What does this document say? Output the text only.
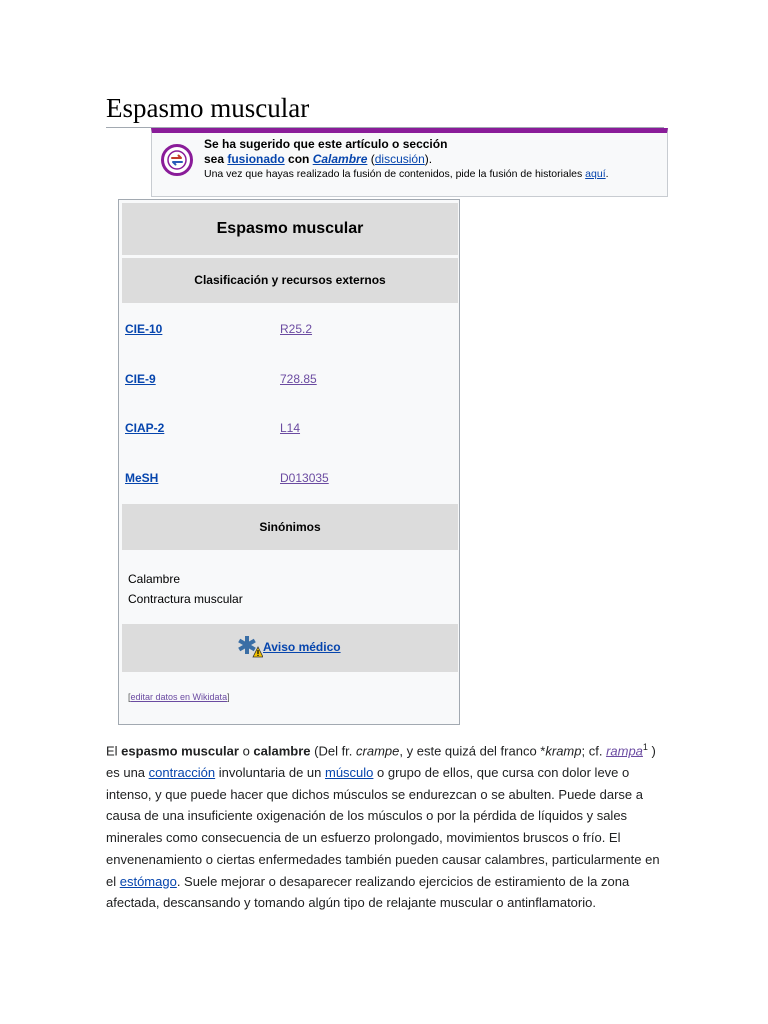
Espasmo muscular
Se ha sugerido que este artículo o sección
sea fusionado con Calambre (discusión).
Una vez que hayas realizado la fusión de contenidos, pide la fusión de historiales aquí.
Espasmo muscular
Clasificación y recursos externos
CIE-10	R25.2
CIE-9	728.85
CIAP-2	L14
MeSH	D013035
Sinónimos
Calambre
Contractura muscular
Aviso médico
[editar datos en Wikidata]

El espasmo muscular o calambre (Del fr. crampe, y este quizá del franco *kramp; cf. rampa$^1$ ) es una contracción involuntaria de un músculo o grupo de ellos, que cursa con dolor leve o intenso, y que puede hacer que dichos músculos se endurezcan o se abulten. Puede darse a causa de una insuficiente oxigenación de los músculos o por la pérdida de líquidos y sales minerales como consecuencia de un esfuerzo prolongado, movimientos bruscos o frío. El envenenamiento o ciertas enfermedades también pueden causar calambres, particularmente en el estómago. Suele mejorar o desaparecer realizando ejercicios de estiramiento de la zona afectada, descansando y tomando algún tipo de relajante muscular o antinflamatorio.
